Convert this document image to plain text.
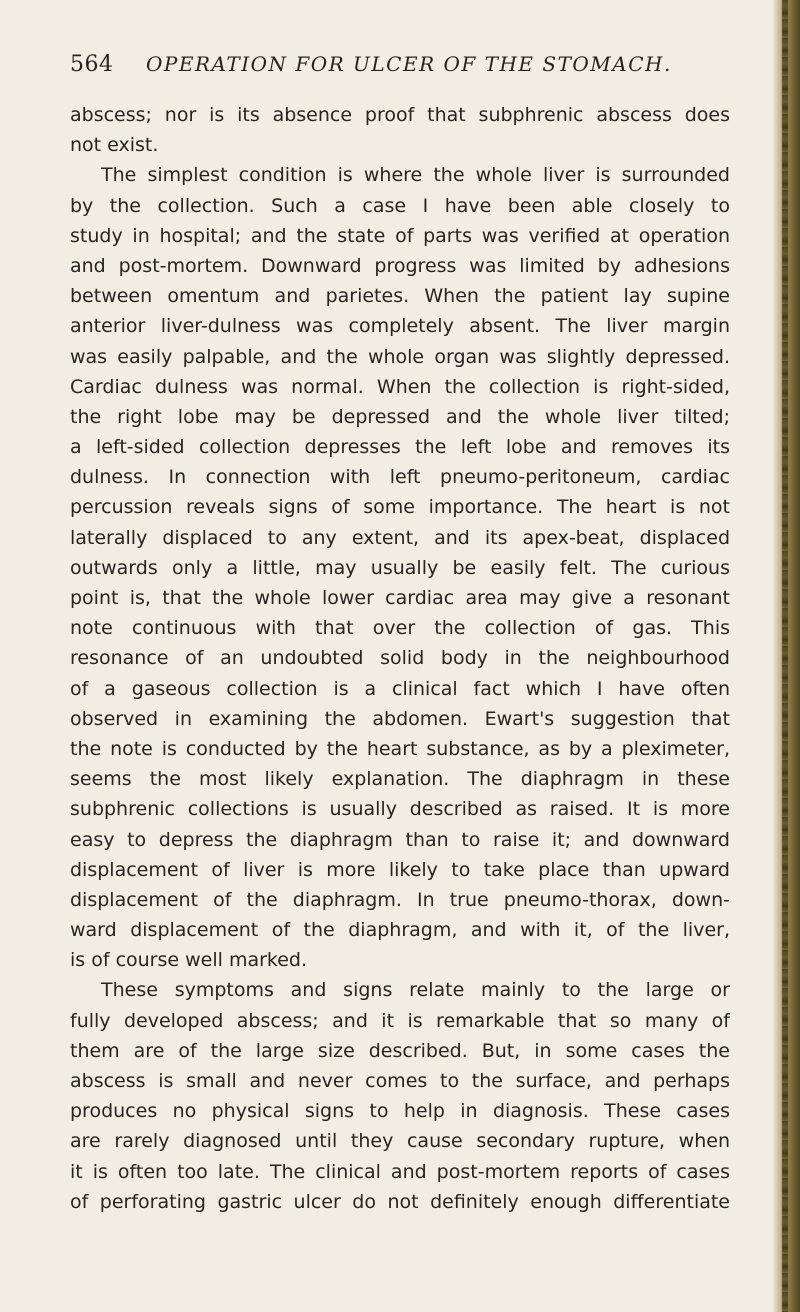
564 OPERATION FOR ULCER OF THE STOMACH.
abscess; nor is its absence proof that subphrenic abscess does
not exist.
The simplest condition is where the whole liver is surrounded
by the collection. Such a case I have been able closely to
study in hospital; and the state of parts was verified at operation
and post-mortem. Downward progress was limited by adhesions
between omentum and parietes. When the patient lay supine
anterior liver-dulness was completely absent. The liver margin
was easily palpable, and the whole organ was slightly depressed.
Cardiac dulness was normal. When the collection is right-sided,
the right lobe may be depressed and the whole liver tilted;
a left-sided collection depresses the left lobe and removes its
dulness. In connection with left pneumo-peritoneum, cardiac
percussion reveals signs of some importance. The heart is not
laterally displaced to any extent, and its apex-beat, displaced
outwards only a little, may usually be easily felt. The curious
point is, that the whole lower cardiac area may give a resonant
note continuous with that over the collection of gas. This
resonance of an undoubted solid body in the neighbourhood
of a gaseous collection is a clinical fact which I have often
observed in examining the abdomen. Ewart's suggestion that
the note is conducted by the heart substance, as by a pleximeter,
seems the most likely explanation. The diaphragm in these
subphrenic collections is usually described as raised. It is more
easy to depress the diaphragm than to raise it; and downward
displacement of liver is more likely to take place than upward
displacement of the diaphragm. In true pneumo-thorax, down-
ward displacement of the diaphragm, and with it, of the liver,
is of course well marked.
These symptoms and signs relate mainly to the large or
fully developed abscess; and it is remarkable that so many of
them are of the large size described. But, in some cases the
abscess is small and never comes to the surface, and perhaps
produces no physical signs to help in diagnosis. These cases
are rarely diagnosed until they cause secondary rupture, when
it is often too late. The clinical and post-mortem reports of cases
of perforating gastric ulcer do not definitely enough differentiate
